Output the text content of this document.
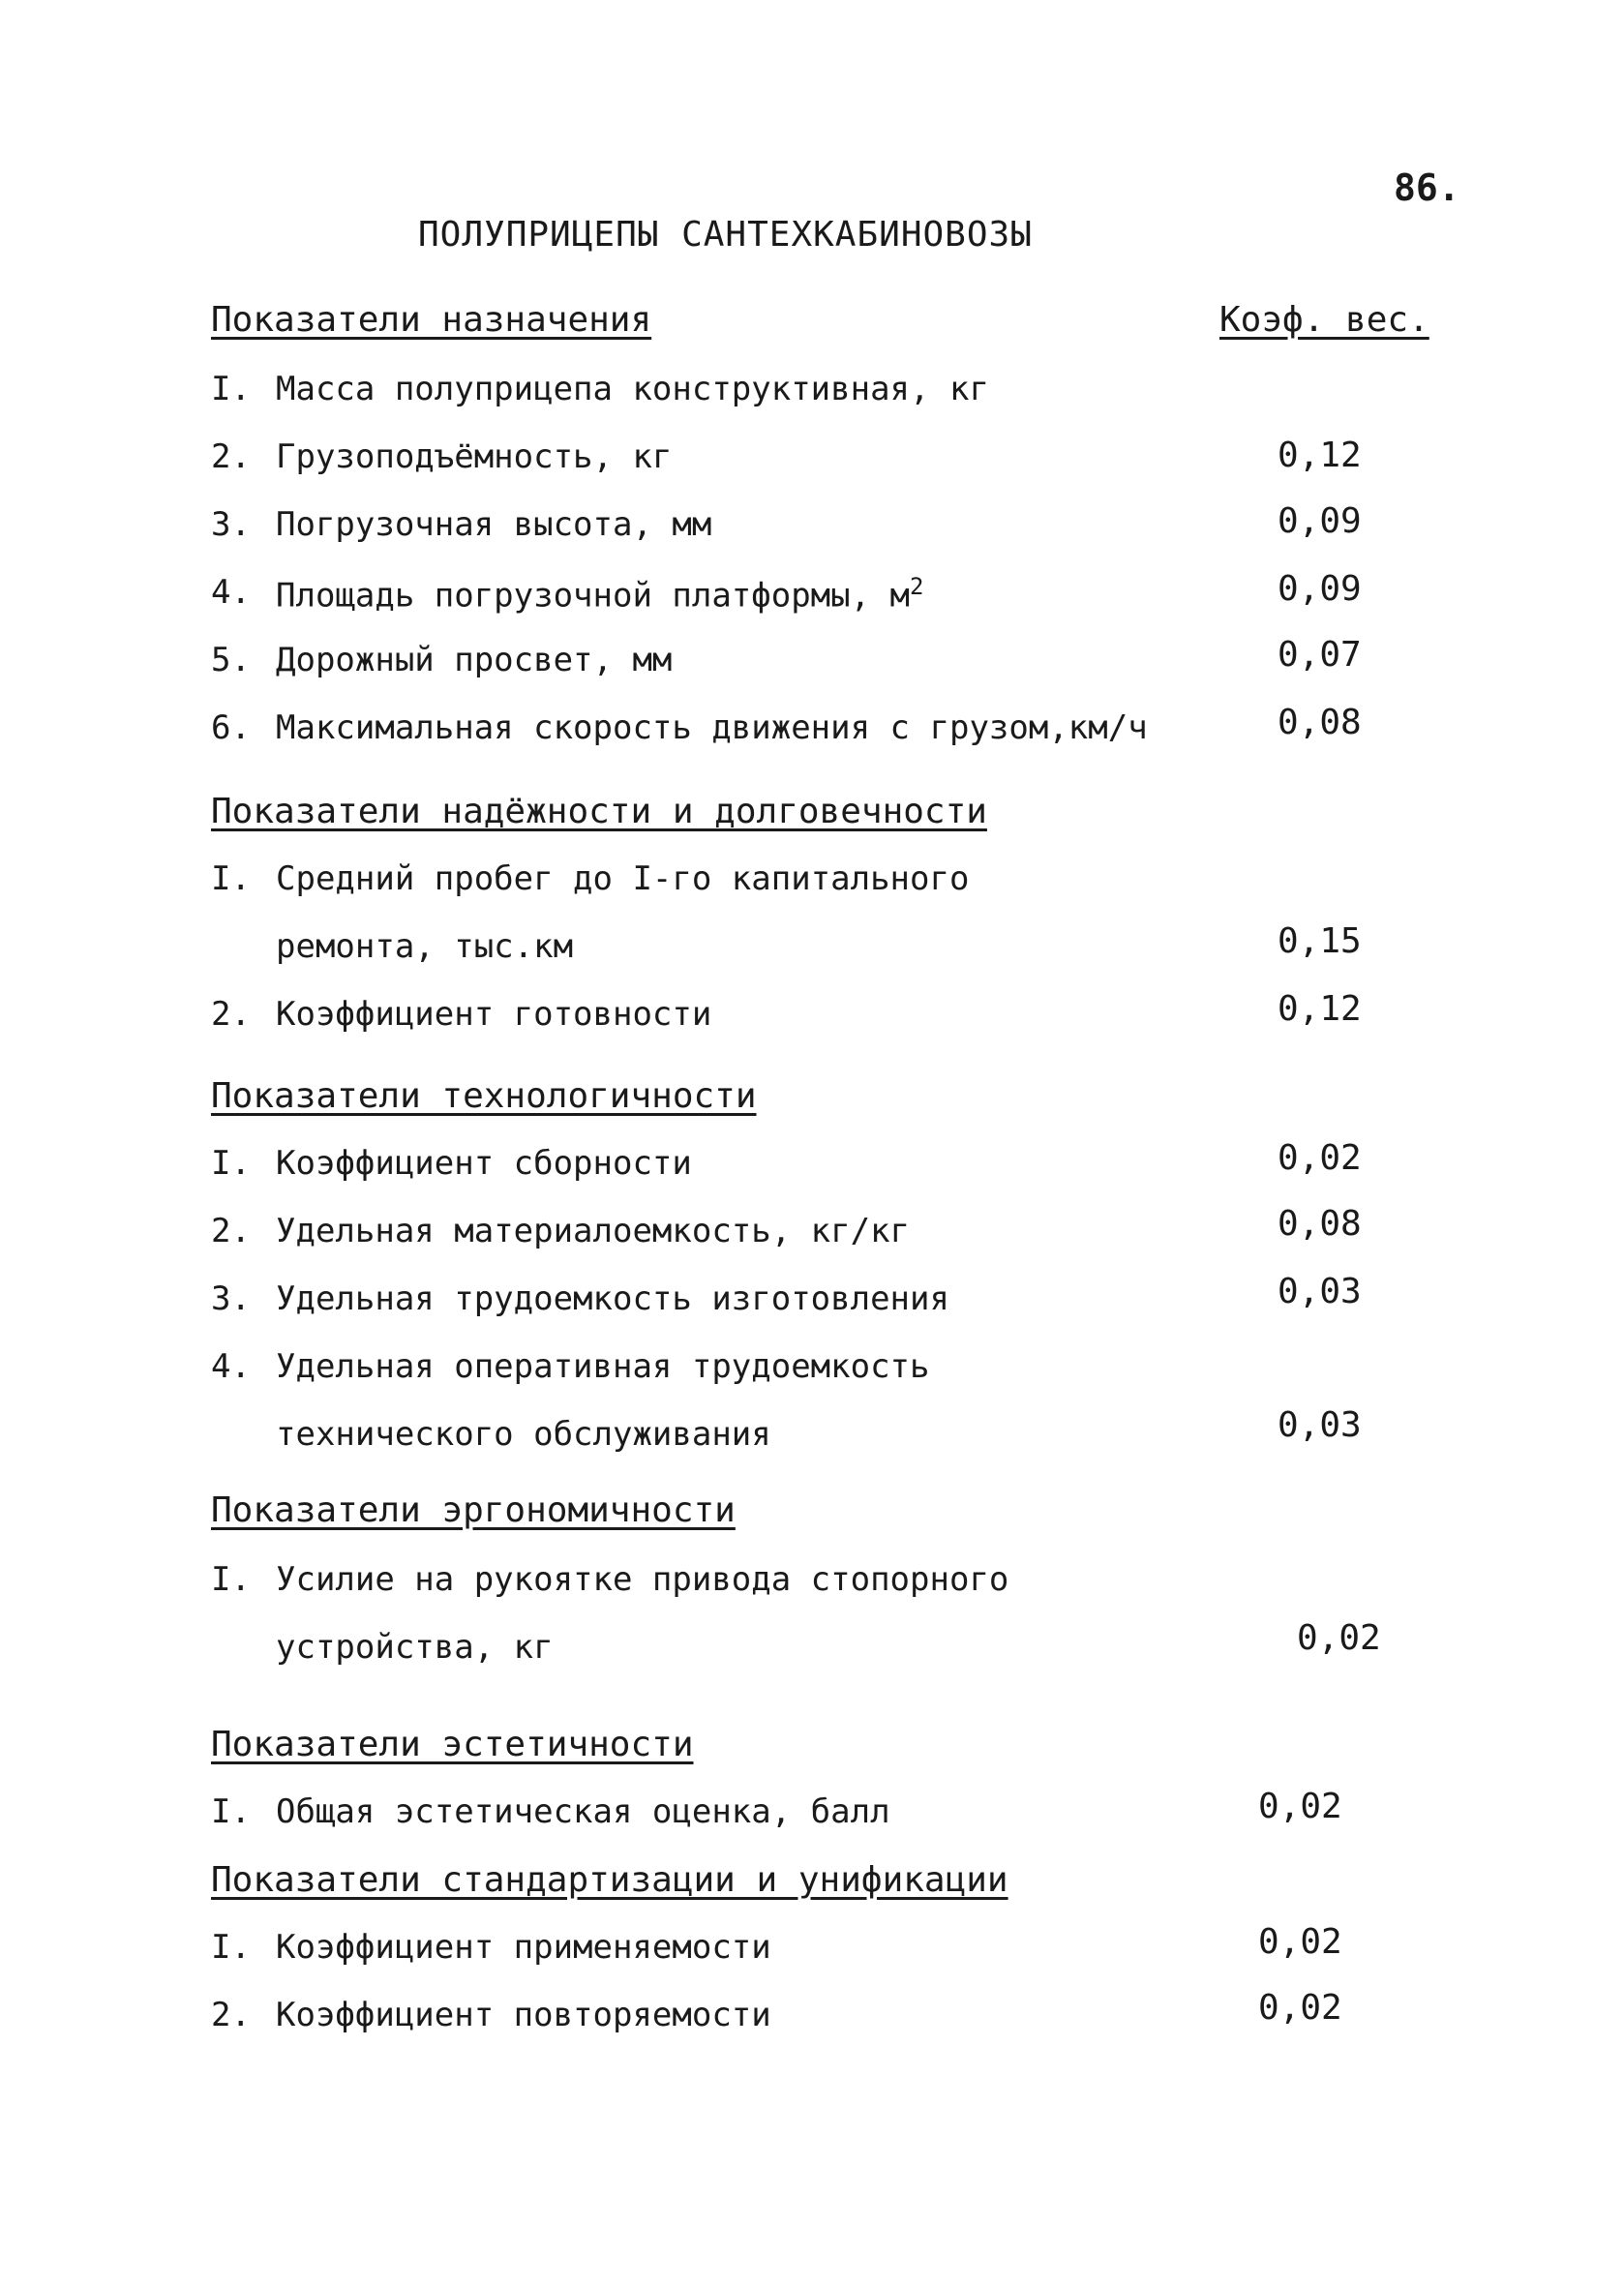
86.
ПОЛУПРИЦЕПЫ САНТЕХКАБИНОВОЗЫ
Коэф. вес.
Показатели назначения
I. Масса полуприцепа конструктивная, кг
2. Грузоподъёмность, кг	0,12
3. Погрузочная высота, мм	0,09
4. Площадь погрузочной платформы, $м^2$	0,09
5. Дорожный просвет, мм	0,07
6. Максимальная скорость движения с грузом,км/ч	0,08
Показатели надёжности и долговечности
I. Средний пробег до I-го капитального
ремонта, тыс.км	0,15
2. Коэффициент готовности	0,12
Показатели технологичности
I. Коэффициент сборности	0,02
2. Удельная материалоемкость, кг/кг	0,08
3. Удельная трудоемкость изготовления	0,03
4. Удельная оперативная трудоемкость
технического обслуживания	0,03
Показатели эргономичности
I. Усилие на рукоятке привода стопорного
устройства, кг	0,02
Показатели эстетичности
I. Общая эстетическая оценка, балл	0,02
Показатели стандартизации и унификации
I. Коэффициент применяемости	0,02
2. Коэффициент повторяемости	0,02
